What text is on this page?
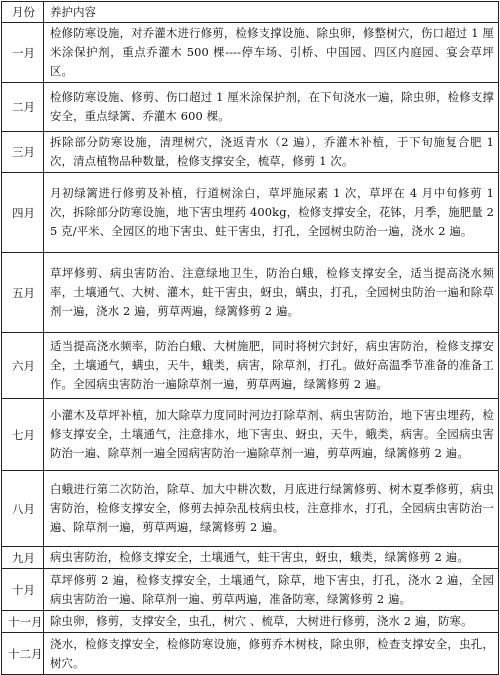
月份	养护内容
一月	检修防寒设施，对乔灌木进行修剪，检修支撑设施、除虫卵，修整树穴，伤口超过 1 厘米涂保护剂，重点乔灌木 500 棵----停车场、引桥、中国园、四区内庭园、宴会草坪区。
二月	检修防寒设施、修剪、伤口超过 1 厘米涂保护剂，在下旬浇水一遍，除虫卵，检修支撑安全，重点绿篱、乔灌木 600 棵。
三月	拆除部分防寒设施，清理树穴，浇返青水（2 遍），乔灌木补植，于下旬施复合肥 1 次，清点植物品种数量，检修支撑安全，梳草，修剪 1 次。
四月	月初绿篱进行修剪及补植，行道树涂白，草坪施尿素 1 次，草坪在 4 月中旬修剪 1 次，拆除部分防寒设施，地下害虫埋药 400kg，检修支撑安全，花钵，月季，施肥量 25 克/平米、全园区的地下害虫、蛀干害虫，打孔，全园树虫防治一遍，浇水 2 遍。
五月	草坪修剪、病虫害防治、注意绿地卫生，防治白蛾，检修支撑安全，适当提高浇水频率，土壤通气、大树、灌木，蛀干害虫，蚜虫，螨虫，打孔，全园树虫防治一遍和除草剂一遍，浇水 2 遍，剪草两遍，绿篱修剪 2 遍。
六月	适当提高浇水频率，防治白蛾、大树施肥，同时将树穴封好，病虫害防治，检修支撑安全，土壤通气，螨虫，天牛，蛾类，病害，除草剂，打孔。做好高温季节准备的准备工作。全园病虫害防治一遍除草剂一遍，剪草两遍，绿篱修剪 2 遍。
七月	小灌木及草坪补植，加大除草力度同时河边打除草剂、病虫害防治，地下害虫埋药，检修支撑安全，土壤通气，注意排水，地下害虫、蚜虫，天牛，蛾类，病害。全园病虫害防治一遍、除草剂一遍全园病害防治一遍除草剂一遍，剪草两遍，绿篱修剪 2 遍。
八月	白蛾进行第二次防治，除草、加大中耕次数，月底进行绿篱修剪、树木夏季修剪，病虫害防治，检修支撑安全，修剪去掉杂乱枝病虫枝，注意排水，打孔，全园病虫害防治一遍、除草剂一遍，剪草两遍，绿篱修剪 2 遍。
九月	病虫害防治，检修支撑安全，土壤通气，蛀干害虫，蚜虫，蛾类，绿篱修剪 2 遍。
十月	草坪修剪 2 遍，检修支撑安全，土壤通气，除草，地下害虫，打孔，浇水 2 遍，全园病虫害防治一遍、除草剂一遍、剪草两遍，准备防寒，绿篱修剪 2 遍。
十一月	除虫卵，修剪，支撑安全，虫孔，树穴 、梳草，大树进行修剪，浇水 2 遍，防寒。
十二月	浇水，检修支撑安全，检修防寒设施，修剪乔木树枝，除虫卵，检查支撑安全，虫孔，树穴。
